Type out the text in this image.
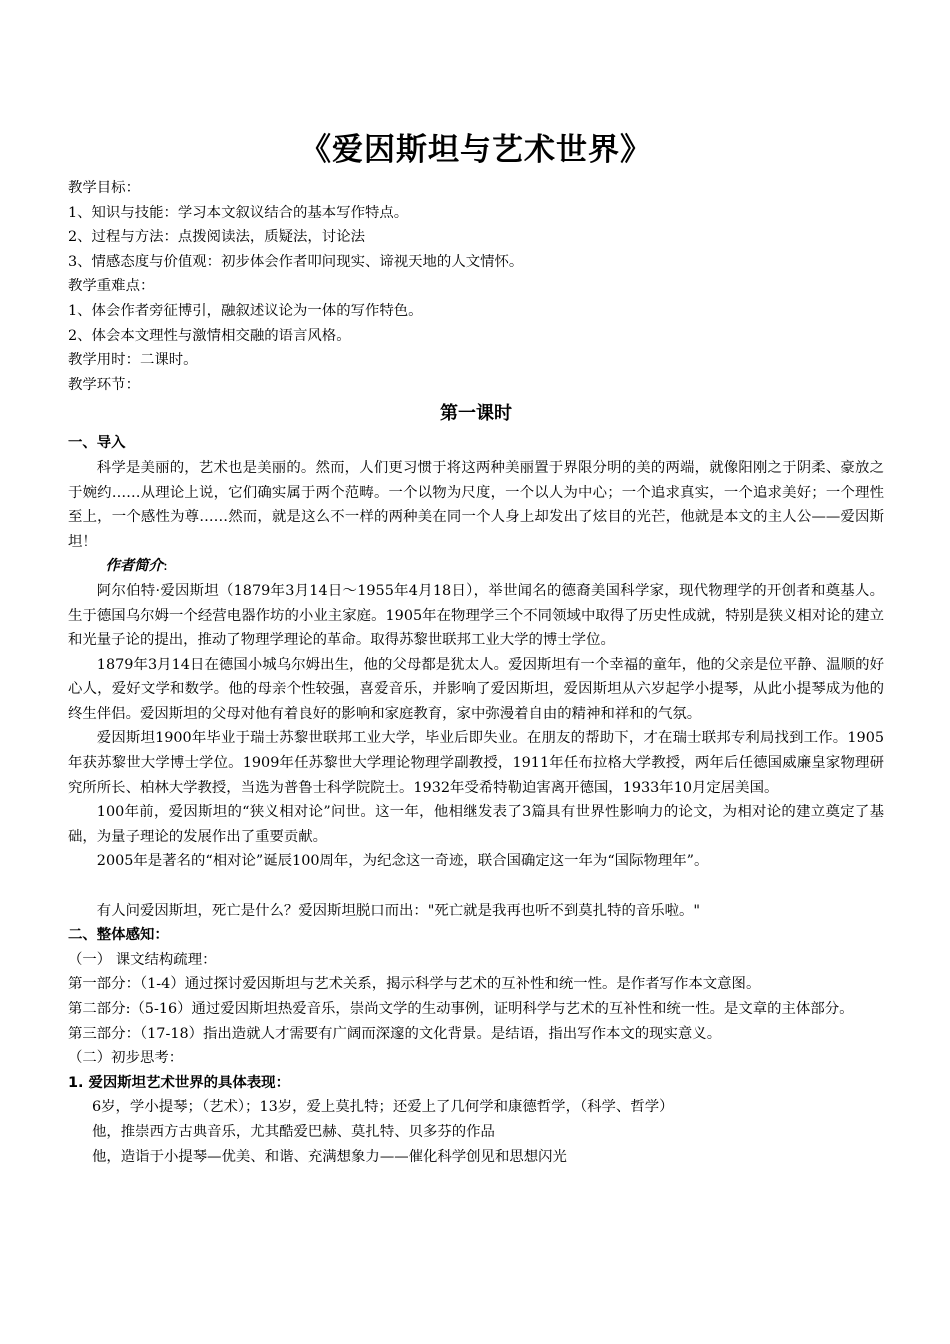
《爱因斯坦与艺术世界》
教学目标：
1、知识与技能：学习本文叙议结合的基本写作特点。
2、过程与方法：点拨阅读法，质疑法，讨论法
3、情感态度与价值观：初步体会作者叩问现实、谛视天地的人文情怀。
教学重难点：
1、体会作者旁征博引，融叙述议论为一体的写作特色。
2、体会本文理性与激情相交融的语言风格。
教学用时：二课时。
教学环节：
第一课时
一、导入

科学是美丽的，艺术也是美丽的。然而，人们更习惯于将这两种美丽置于界限分明的美的两端，就像阳刚之于阴柔、豪放之于婉约……从理论上说，它们确实属于两个范畴。一个以物为尺度，一个以人为中心；一个追求真实，一个追求美好；一个理性至上，一个感性为尊……然而，就是这么不一样的两种美在同一个人身上却发出了炫目的光芒，他就是本文的主人公——爱因斯坦！

作者简介:

阿尔伯特·爱因斯坦（1879年3月14日～1955年4月18日），举世闻名的德裔美国科学家，现代物理学的开创者和奠基人。生于德国乌尔姆一个经营电器作坊的小业主家庭。1905年在物理学三个不同领域中取得了历史性成就，特别是狭义相对论的建立和光量子论的提出，推动了物理学理论的革命。取得苏黎世联邦工业大学的博士学位。

1879年3月14日在德国小城乌尔姆出生，他的父母都是犹太人。爱因斯坦有一个幸福的童年，他的父亲是位平静、温顺的好心人，爱好文学和数学。他的母亲个性较强，喜爱音乐，并影响了爱因斯坦，爱因斯坦从六岁起学小提琴，从此小提琴成为他的终生伴侣。爱因斯坦的父母对他有着良好的影响和家庭教育，家中弥漫着自由的精神和祥和的气氛。

爱因斯坦1900年毕业于瑞士苏黎世联邦工业大学，毕业后即失业。在朋友的帮助下，才在瑞士联邦专利局找到工作。1905年获苏黎世大学博士学位。1909年任苏黎世大学理论物理学副教授，1911年任布拉格大学教授，两年后任德国威廉皇家物理研究所所长、柏林大学教授，当选为普鲁士科学院院士。1932年受希特勒迫害离开德国，1933年10月定居美国。

100年前，爱因斯坦的“狭义相对论”问世。这一年，他相继发表了3篇具有世界性影响力的论文，为相对论的建立奠定了基础，为量子理论的发展作出了重要贡献。

2005年是著名的“相对论”诞辰100周年，为纪念这一奇迹，联合国确定这一年为“国际物理年”。

有人问爱因斯坦，死亡是什么？爱因斯坦脱口而出："死亡就是我再也听不到莫扎特的音乐啦。"

二、整体感知：
（一） 课文结构疏理：

第一部分：（1-4）通过探讨爱因斯坦与艺术关系，揭示科学与艺术的互补性和统一性。是作者写作本文意图。

第二部分:（5-16）通过爱因斯坦热爱音乐，崇尚文学的生动事例，证明科学与艺术的互补性和统一性。是文章的主体部分。

第三部分：（17-18）指出造就人才需要有广阔而深邃的文化背景。是结语，指出写作本文的现实意义。

（二）初步思考：
1. 爱因斯坦艺术世界的具体表现：
6岁，学小提琴；（艺术）；13岁，爱上莫扎特；还爱上了几何学和康德哲学，（科学、哲学）
他，推崇西方古典音乐，尤其酷爱巴赫、莫扎特、贝多芬的作品
他，造诣于小提琴—优美、和谐、充满想象力——催化科学创见和思想闪光
